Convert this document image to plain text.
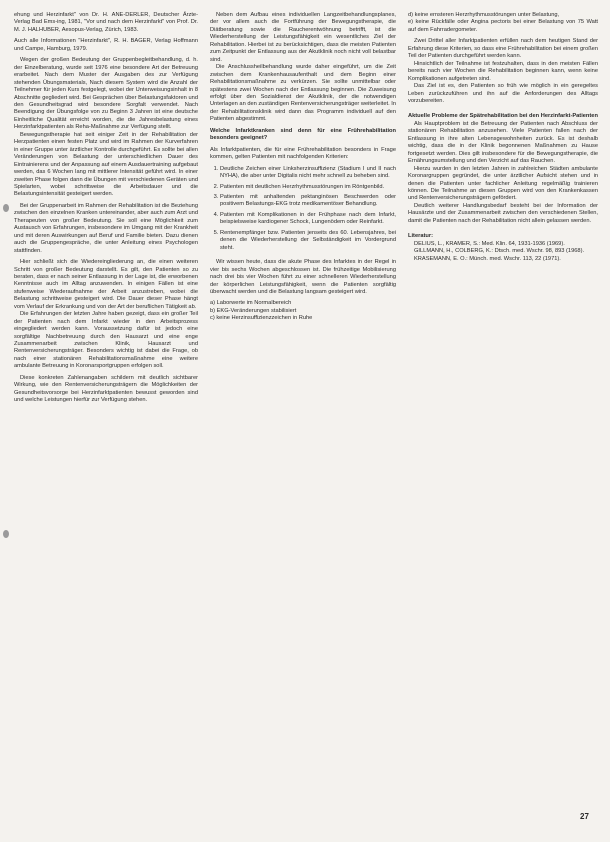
ehung und Herzinfarkt" von Dr. H. ANE-DERLER, Deutscher Ärzte-Verlag Bad Ems-ing, 1981, "Vor und nach dem Herzinfarkt" von Prof. Dr. M. J. HALHUBER, Aesopus-Verlag, Zürich, 1983.

Auch alle Informationen "Herzinfarkt", R. H. BAGER, Verlag Hoffmann und Campe, Hamburg, 1979.

Wegen der großen Bedeutung der Gruppenbegleitbehandlung, d. h. der Einzelberatung, wurde seit 1976 eine besondere Art der Betreuung erarbeitet. Nach dem Muster der Ausgaben des zur Verfügung stehenden Übungsmaterials, Nach diesem System wird die Anzahl der Teilnehmer für jeden Kurs festgelegt, wobei der Unterweisungsinhalt in 8 Abschnitte gegliedert wird. Bei Gesprächen über Belastungsfaktoren und den Gesundheitsgrad wird besondere Sorgfalt verwendet. Nach Beendigung der Übungsfolge von zu Beginn 3 Jahren ist eine deutsche Einheitliche Qualität erreicht worden, die die Jahresbelastung eines Herzinfarktpatienten als Reha-Maßnahme zur Verfügung stellt.

Bewegungstherapie hat seit einiger Zeit in der Rehabilitation der Herzpatienten einen festen Platz und wird im Rahmen der Kurverfahren in einer Gruppe unter ärztlicher Kontrolle durchgeführt. Es sollte bei allen Veränderungen von Belastung der unterschiedlichen Dauer des Eintrainierens und der Anpassung auf einem Ausdauertraining aufgebaut werden, das 6 Wochen lang mit mittlerer Intensität geführt wird. In einer zweiten Phase folgen dann die Übungen mit verschiedenen Geräten und Spielarten, wobei schrittweise die Arbeitsdauer und die Belastungsintensität gesteigert werden.

Bei der Gruppenarbeit im Rahmen der Rehabilitation ist die Beziehung zwischen den einzelnen Kranken untereinander, aber auch zum Arzt und Therapeuten von großer Bedeutung. Sie soll eine Möglichkeit zum Austausch von Erfahrungen, insbesondere im Umgang mit der Krankheit und mit deren Auswirkungen auf Beruf und Familie bieten. Dazu dienen auch die Gruppengespräche, die unter Anleitung eines Psychologen stattfinden.

Hier schließt sich die Wiedereingliederung an, die einen weiteren Schritt von großer Bedeutung darstellt. Es gilt, den Patienten so zu beraten, dass er nach seiner Entlassung in der Lage ist, die erworbenen Kenntnisse auch im Alltag anzuwenden. In einigen Fällen ist eine stufenweise Wiederaufnahme der Arbeit anzustreben, wobei die Belastung schrittweise gesteigert wird. Die Dauer dieser Phase hängt vom Verlauf der Erkrankung und von der Art der beruflichen Tätigkeit ab.

Die Erfahrungen der letzten Jahre haben gezeigt, dass ein großer Teil der Patienten nach dem Infarkt wieder in den Arbeitsprozess eingegliedert werden kann. Voraussetzung dafür ist jedoch eine sorgfältige Nachbetreuung durch den Hausarzt und eine enge Zusammenarbeit zwischen Klinik, Hausarzt und Rentenversicherungsträger. Besonders wichtig ist dabei die Frage, ob nach einer stationären Rehabilitationsmaßnahme eine weitere ambulante Betreuung in Koronarsportgruppen erfolgen soll.

Diese konkreten Zahlenangaben schildern mit deutlich sichtbarer Wirkung, wie den Rentenversicherungsträgern die Möglichkeiten der Gesundheitsvorsorge bei Herzinfarktpatienten bewusst geworden sind und welche Leistungen hierfür zur Verfügung stehen.

Neben dem Aufbau eines individuellen Langzeitbehandlungsplanes, der vor allem auch die Fortführung der Bewegungstherapie, die Diätberatung sowie die Raucherentwöhnung betrifft, ist die Wiederherstellung der Leistungsfähigkeit ein wesentliches Ziel der Rehabilitation. Hierbei ist zu berücksichtigen, dass die meisten Patienten zum Zeitpunkt der Entlassung aus der Akutklinik noch nicht voll belastbar sind.

Die Anschlussheilbehandlung wurde daher eingeführt, um die Zeit zwischen dem Krankenhausaufenthalt und dem Beginn einer Rehabilitationsmaßnahme zu verkürzen. Sie sollte unmittelbar oder spätestens zwei Wochen nach der Entlassung beginnen. Die Zuweisung erfolgt über den Sozialdienst der Akutklinik, der die notwendigen Unterlagen an den zuständigen Rentenversicherungsträger weiterleitet. In der Rehabilitationsklinik wird dann das Programm individuell auf den Patienten abgestimmt.

Welche Infarktkranken sind denn für eine Frührehabilitation besonders geeignet?

Als Infarktpatienten, die für eine Frührehabilitation besonders in Frage kommen, gelten Patienten mit nachfolgenden Kriterien:

1. Deutliche Zeichen einer Linksherzinsuffizienz (Stadium I und II nach NYHA), die aber unter Digitalis nicht mehr schnell zu beheben sind.
2. Patienten mit deutlichen Herzrhythmusstörungen im Röntgenbild.
3. Patienten mit anhaltenden pektanginösen Beschwerden oder positivem Belastungs-EKG trotz medikamentöser Behandlung.
4. Patienten mit Komplikationen in der Frühphase nach dem Infarkt, beispielsweise kardiogener Schock, Lungenödem oder Reinfarkt.
5. Rentenempfänger bzw. Patienten jenseits des 60. Lebensjahres, bei denen die Wiederherstellung der Selbständigkeit im Vordergrund steht.

Wir wissen heute, dass die akute Phase des Infarktes in der Regel in vier bis sechs Wochen abgeschlossen ist. Die frühzeitige Mobilisierung nach drei bis vier Wochen führt zu einer schnelleren Wiederherstellung der körperlichen Leistungsfähigkeit, wenn die Patienten sorgfältig überwacht werden und die Belastung langsam gesteigert wird.

a) Laborwerte im Normalbereich

b) EKG-Veränderungen stabilisiert

c) keine Herzinsuffizienzzeichen in Ruhe

d) keine ernsteren Herzrhythmusstörungen unter Belastung,

e) keine Rückfälle oder Angina pectoris bei einer Belastung von 75 Watt auf dem Fahrradergometer.

Zwei Drittel aller Infarktpatienten erfüllen nach dem heutigen Stand der Erfahrung diese Kriterien, so dass eine Frührehabilitation bei einem großen Teil der Patienten durchgeführt werden kann.

Hinsichtlich der Teilnahme ist festzuhalten, dass in den meisten Fällen bereits nach vier Wochen die Rehabilitation beginnen kann, wenn keine Komplikationen aufgetreten sind.

Das Ziel ist es, den Patienten so früh wie möglich in ein geregeltes Leben zurückzuführen und ihn auf die Anforderungen des Alltags vorzubereiten.

Aktuelle Probleme der Spätrehabilitation bei den Herzinfarkt-Patienten

Als Hauptproblem ist die Betreuung der Patienten nach Abschluss der stationären Rehabilitation anzusehen. Viele Patienten fallen nach der Entlassung in ihre alten Lebensgewohnheiten zurück. Es ist deshalb wichtig, dass die in der Klinik begonnenen Maßnahmen zu Hause fortgesetzt werden. Dies gilt insbesondere für die Bewegungstherapie, die Ernährungsumstellung und den Verzicht auf das Rauchen.

Hierzu wurden in den letzten Jahren in zahlreichen Städten ambulante Koronargruppen gegründet, die unter ärztlicher Aufsicht stehen und in denen die Patienten unter fachlicher Anleitung regelmäßig trainieren können. Die Teilnahme an diesen Gruppen wird von den Krankenkassen und Rentenversicherungsträgern gefördert.

Deutlich weiterer Handlungsbedarf besteht bei der Information der Hausärzte und der Zusammenarbeit zwischen den verschiedenen Stellen, damit die Patienten nach der Rehabilitation nicht allein gelassen werden.

Literatur:

DELIUS, L., KRAMER, S.: Med. Klin. 64, 1931-1936 (1969).

GILLMANN, H., COLBERG, K.: Dtsch. med. Wschr. 98, 893 (1968).

KRASEMANN, E. O.: Münch. med. Wschr. 113, 22 (1971).

27
